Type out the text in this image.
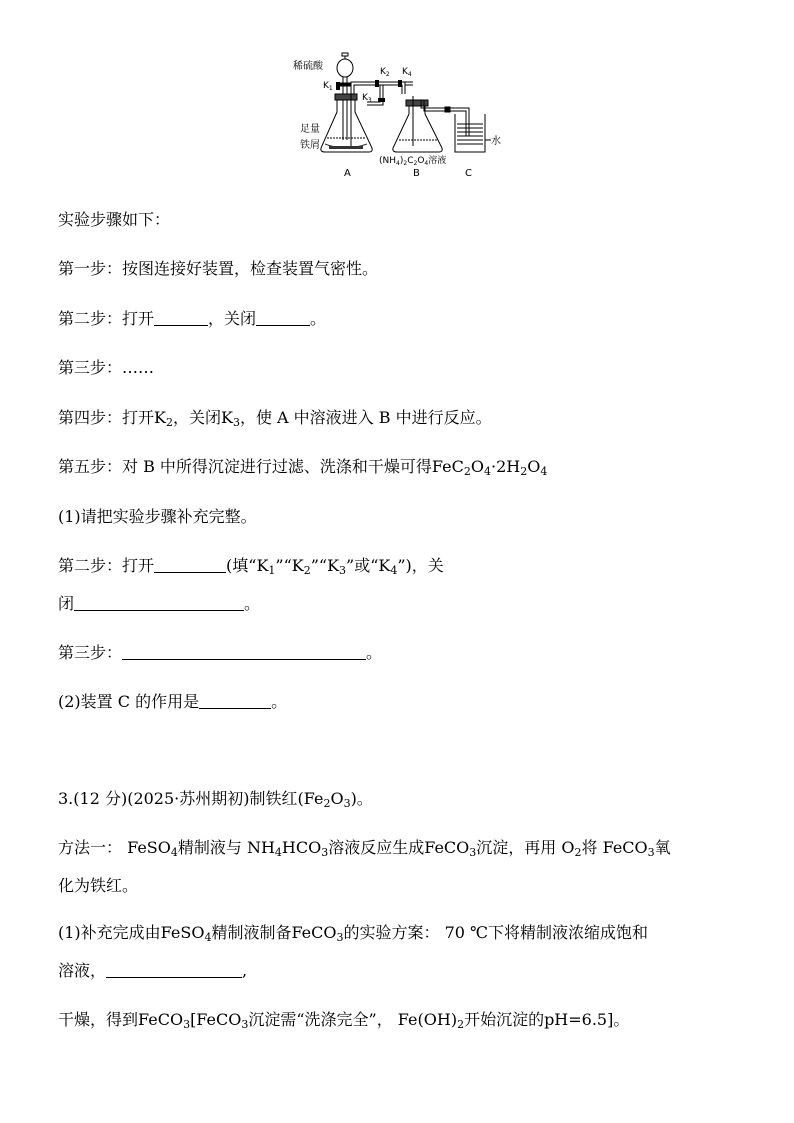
稀硫酸
$K_1$
$K_2$
$K_3$
$K_4$
足量
铁屑
$(NH_4)_2C_2O_4$溶液
水
A	B	C
实验步骤如下：
第一步：按图连接好装置，检查装置气密性。
第二步：打开	，关闭	。
第三步：……
第四步：打开$K_2$，关闭$K_3$，使 A 中溶液进入 B 中进行反应。
第五步：对 B 中所得沉淀进行过滤、洗涤和干燥可得$FeC_2O_4\cdot 2H_2O_4$
(1)请把实验步骤补充完整。
第二步：打开	(填“$K_1”“K_2”“K_3$”或“$K_4$”)，关
闭	。
第三步：	。
(2)装置 C 的作用是	。
3.(12 分)(2025·苏州期初)制铁红$(Fe_2O_3)$。
方法一： FeSO$_4$精制液与 $NH_4HCO_3$溶液反应生成FeCO$_3$沉淀，再用 $O_2$将 FeCO$_3$氧
化为铁红。
(1)补充完成由FeSO$_4$精制液制备FeCO$_3$的实验方案： 70 ℃下将精制液浓缩成饱和
溶液，	,
干燥，得到FeCO$_3$[FeCO$_3$沉淀需“洗涤完全”， $Fe(OH)_2$开始沉淀的pH=6.5]。
